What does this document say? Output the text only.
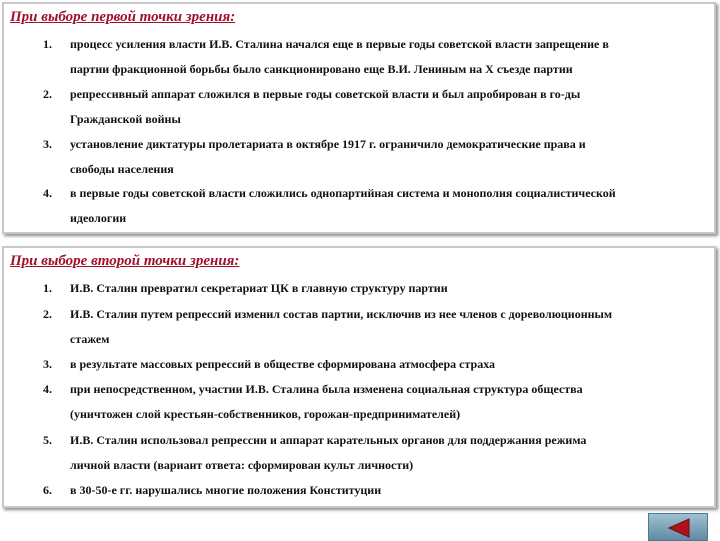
При выборе первой точки зрения:
1. процесс усиления власти И.В. Сталина начался еще в первые годы советской власти запрещение в
партии фракционной борьбы было санкционировано еще В.И. Лениным на X съезде партии
2. репрессивный аппарат сложился в первые годы советской власти и был апробирован в го-ды
Гражданской войны
3. установление диктатуры пролетариата в октябре 1917 г. ограничило демократические права и
свободы населения
4. в первые годы советской власти сложились однопартийная система и монополия социалистической
идеологии
При выборе второй точки зрения:
1. И.В. Сталин превратил секретариат ЦК в главную структуру партии
2. И.В. Сталин путем репрессий изменил состав партии, исключив из нее членов с дореволюционным
стажем
3. в результате массовых репрессий в обществе сформирована атмосфера страха
4. при непосредственном, участии И.В. Сталина была изменена социальная структура общества
(уничтожен слой крестьян-собственников, горожан-предпринимателей)
5. И.В. Сталин использовал репрессии и аппарат карательных органов для поддержания режима
личной власти (вариант ответа: сформирован культ личности)
6. в 30-50-е гг. нарушались многие положения Конституции
